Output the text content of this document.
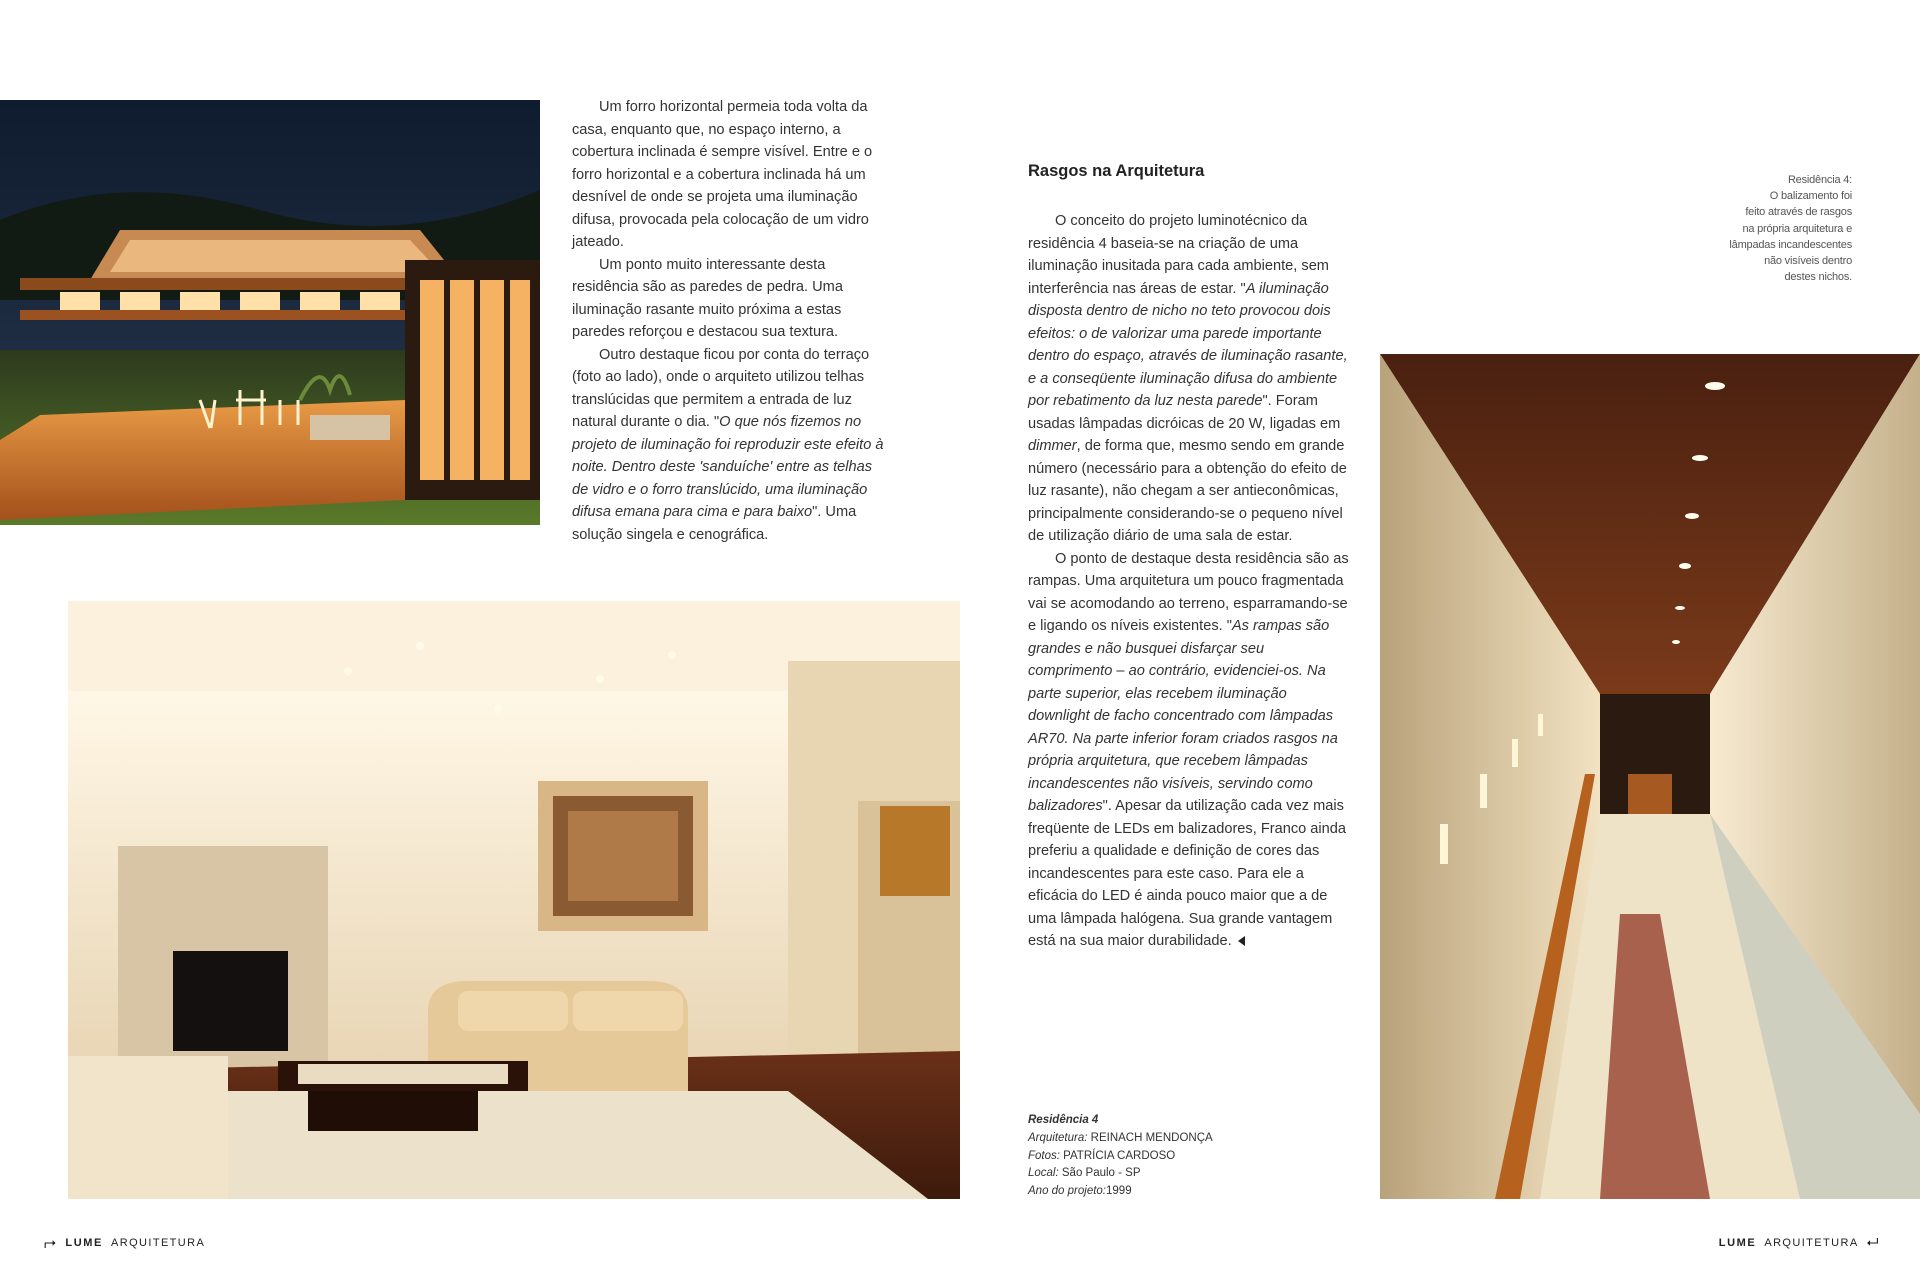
Um forro horizontal permeia toda volta da casa, enquanto que, no espaço interno, a cobertura inclinada é sempre visível. Entre e o forro horizontal e a cobertura inclinada há um desnível de onde se projeta uma iluminação difusa, provocada pela colocação de um vidro jateado.

Um ponto muito interessante desta residência são as paredes de pedra. Uma iluminação rasante muito próxima a estas paredes reforçou e destacou sua textura.

Outro destaque ficou por conta do terraço (foto ao lado), onde o arquiteto utilizou telhas translúcidas que permitem a entrada de luz natural durante o dia. "O que nós fizemos no projeto de iluminação foi reproduzir este efeito à noite. Dentro deste 'sanduíche' entre as telhas de vidro e o forro translúcido, uma iluminação difusa emana para cima e para baixo". Uma solução singela e cenográfica.

Rasgos na Arquitetura

O conceito do projeto luminotécnico da residência 4 baseia-se na criação de uma iluminação inusitada para cada ambiente, sem interferência nas áreas de estar. "A iluminação disposta dentro de nicho no teto provocou dois efeitos: o de valorizar uma parede importante dentro do espaço, através de iluminação rasante, e a conseqüente iluminação difusa do ambiente por rebatimento da luz nesta parede". Foram usadas lâmpadas dicróicas de 20 W, ligadas em dimmer, de forma que, mesmo sendo em grande número (necessário para a obtenção do efeito de luz rasante), não chegam a ser antieconômicas, principalmente considerando-se o pequeno nível de utilização diário de uma sala de estar.

O ponto de destaque desta residência são as rampas. Uma arquitetura um pouco fragmentada vai se acomodando ao terreno, esparramando-se e ligando os níveis existentes. "As rampas são grandes e não busquei disfarçar seu comprimento – ao contrário, evidenciei-os. Na parte superior, elas recebem iluminação downlight de facho concentrado com lâmpadas AR70. Na parte inferior foram criados rasgos na própria arquitetura, que recebem lâmpadas incandescentes não visíveis, servindo como balizadores". Apesar da utilização cada vez mais freqüente de LEDs em balizadores, Franco ainda preferiu a qualidade e definição de cores das incandescentes para este caso. Para ele a eficácia do LED é ainda pouco maior que a de uma lâmpada halógena. Sua grande vantagem está na sua maior durabilidade.

Residência 4:
O balizamento foi
feito através de rasgos
na própria arquitetura e
lâmpadas incandescentes
não visíveis dentro
destes nichos.
Residência 4
Arquitetura: REINACH MENDONÇA
Fotos: PATRÍCIA CARDOSO
Local: São Paulo - SP
Ano do projeto:1999
⮣ LUME ARQUITETURA	LUME ARQUITETURA ⮠
